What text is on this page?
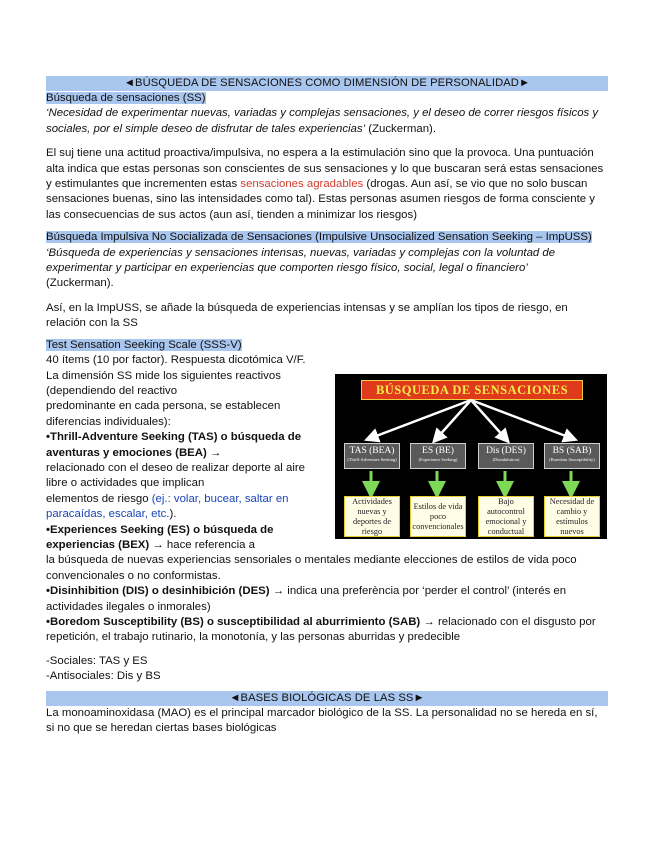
◄BÚSQUEDA DE SENSACIONES COMO DIMENSIÓN DE PERSONALIDAD►

Búsqueda de sensaciones (SS)

‘Necesidad de experimentar nuevas, variadas y complejas sensaciones, y el deseo de correr riesgos físicos y sociales, por el simple deseo de disfrutar de tales experiencias’ (Zuckerman).

El suj tiene una actitud proactiva/impulsiva, no espera a la estimulación sino que la provoca. Una puntuación alta indica que estas personas son conscientes de sus sensaciones y lo que buscaran será estas sensaciones y estimulantes que incrementen estas sensaciones agradables (drogas. Aun así, se vio que no solo buscan sensaciones buenas, sino las intensidades como tal). Estas personas asumen riesgos de forma consciente y las consecuencias de sus actos (aun así, tienden a minimizar los riesgos)

Búsqueda Impulsiva No Socializada de Sensaciones (Impulsive Unsocialized Sensation Seeking – ImpUSS)

‘Búsqueda de experiencias y sensaciones intensas, nuevas, variadas y complejas con la voluntad de experimentar y participar en experiencias que comporten riesgo físico, social, legal o financiero’
(Zuckerman).

Así, en la ImpUSS, se añade la búsqueda de experiencias intensas y se amplían los tipos de riesgo, en relación con la SS

Test Sensation Seeking Scale (SSS-V)

40 ítems (10 por factor). Respuesta dicotómica V/F.

La dimensión SS mide los siguientes reactivos

(dependiendo del reactivo

predominante en cada persona, se establecen

diferencias individuales):

•Thrill-Adventure Seeking (TAS) o búsqueda de
aventuras y emociones (BEA) →

relacionado con el deseo de realizar deporte al aire
libre o actividades que implican
elementos de riesgo (ej.: volar, bucear, saltar en
paracaídas, escalar, etc.).

•Experiences Seeking (ES) o búsqueda de
experiencias (BEX) → hace referencia a
la búsqueda de nuevas experiencias sensoriales o mentales mediante elecciones de estilos de vida poco convencionales o no conformistas.

•Disinhibition (DIS) o desinhibición (DES) → indica una preferència por ‘perder el control’ (interés en actividades ilegales o inmorales)

•Boredom Susceptibility (BS) o susceptibilidad al aburrimiento (SAB) → relacionado con el disgusto por repetición, el trabajo rutinario, la monotonía, y las personas aburridas y predecible

-Sociales: TAS y ES

-Antisociales: Dis y BS

◄BASES BIOLÓGICAS DE LAS SS►

La monoaminoxidasa (MAO) es el principal marcador biológico de la SS. La personalidad no se hereda en sí, si no que se heredan ciertas bases biológicas

BÚSQUEDA DE SENSACIONES
TAS (BEA)
(Thrill-Adventure Seeking)
ES (BE)
(Experience Seeking)
Dis (DES)
(Disinhibition)
BS (SAB)
(Boredom Susceptibility)
Actividades nuevas y deportes de riesgo
Estilos de vida poco convencionales
Bajo autocontrol emocional y conductual
Necesidad de cambio y estímulos nuevos
